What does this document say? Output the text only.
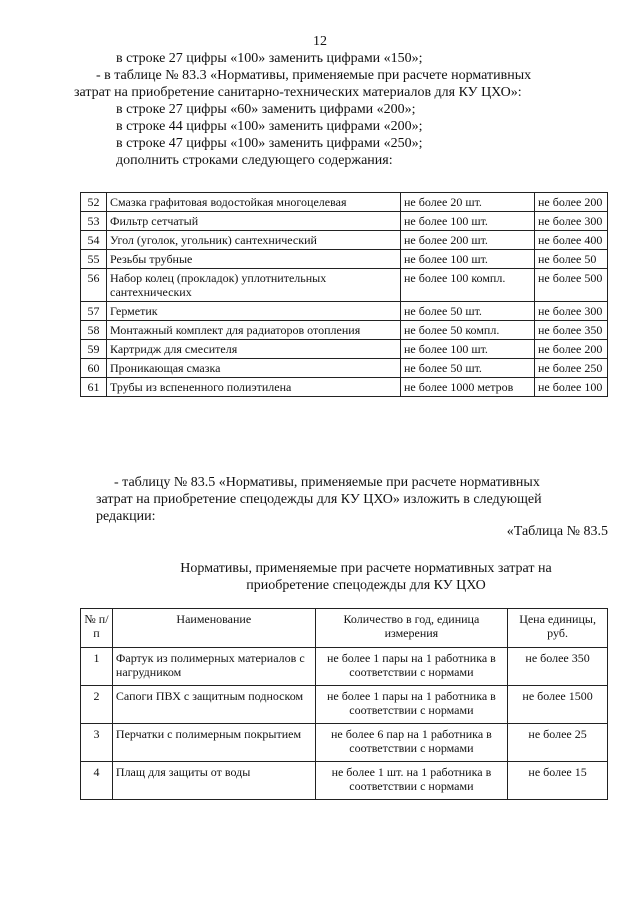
12

в строке 27 цифры «100» заменить цифрами «150»;

- в таблице № 83.3 «Нормативы, применяемые при расчете нормативных

затрат на приобретение санитарно-технических материалов для КУ ЦХО»:

в строке 27 цифры «60» заменить цифрами «200»;

в строке 44 цифры «100» заменить цифрами «200»;

в строке 47 цифры «100» заменить цифрами «250»;

дополнить строками следующего содержания:

52	Смазка графитовая водостойкая многоцелевая	не более 20 шт.	не более 200
53	Фильтр сетчатый	не более 100 шт.	не более 300
54	Угол (уголок, угольник) сантехнический	не более 200 шт.	не более 400
55	Резьбы трубные	не более 100 шт.	не более 50
56	Набор колец (прокладок) уплотнительных сантехнических	не более 100 компл.	не более 500
57	Герметик	не более 50 шт.	не более 300
58	Монтажный комплект для радиаторов отопления	не более 50 компл.	не более 350
59	Картридж для смесителя	не более 100 шт.	не более 200
60	Проникающая смазка	не более 50 шт.	не более 250
61	Трубы из вспененного полиэтилена	не более 1000 метров	не более 100

- таблицу № 83.5 «Нормативы, применяемые при расчете нормативных

затрат на приобретение спецодежды для КУ ЦХО» изложить в следующей

редакции:

«Таблица № 83.5
Нормативы, применяемые при расчете нормативных затрат на
приобретение спецодежды для КУ ЦХО
№ п/п	Наименование	Количество в год, единица измерения	Цена единицы, руб.
1	Фартук из полимерных материалов с нагрудником	не более 1 пары на 1 работника в соответствии с нормами	не более 350
2	Сапоги ПВХ с защитным подноском	не более 1 пары на 1 работника в соответствии с нормами	не более 1500
3	Перчатки с полимерным покрытием	не более 6 пар на 1 работника в соответствии с нормами	не более 25
4	Плащ для защиты от воды	не более 1 шт. на 1 работника в соответствии с нормами	не более 15
